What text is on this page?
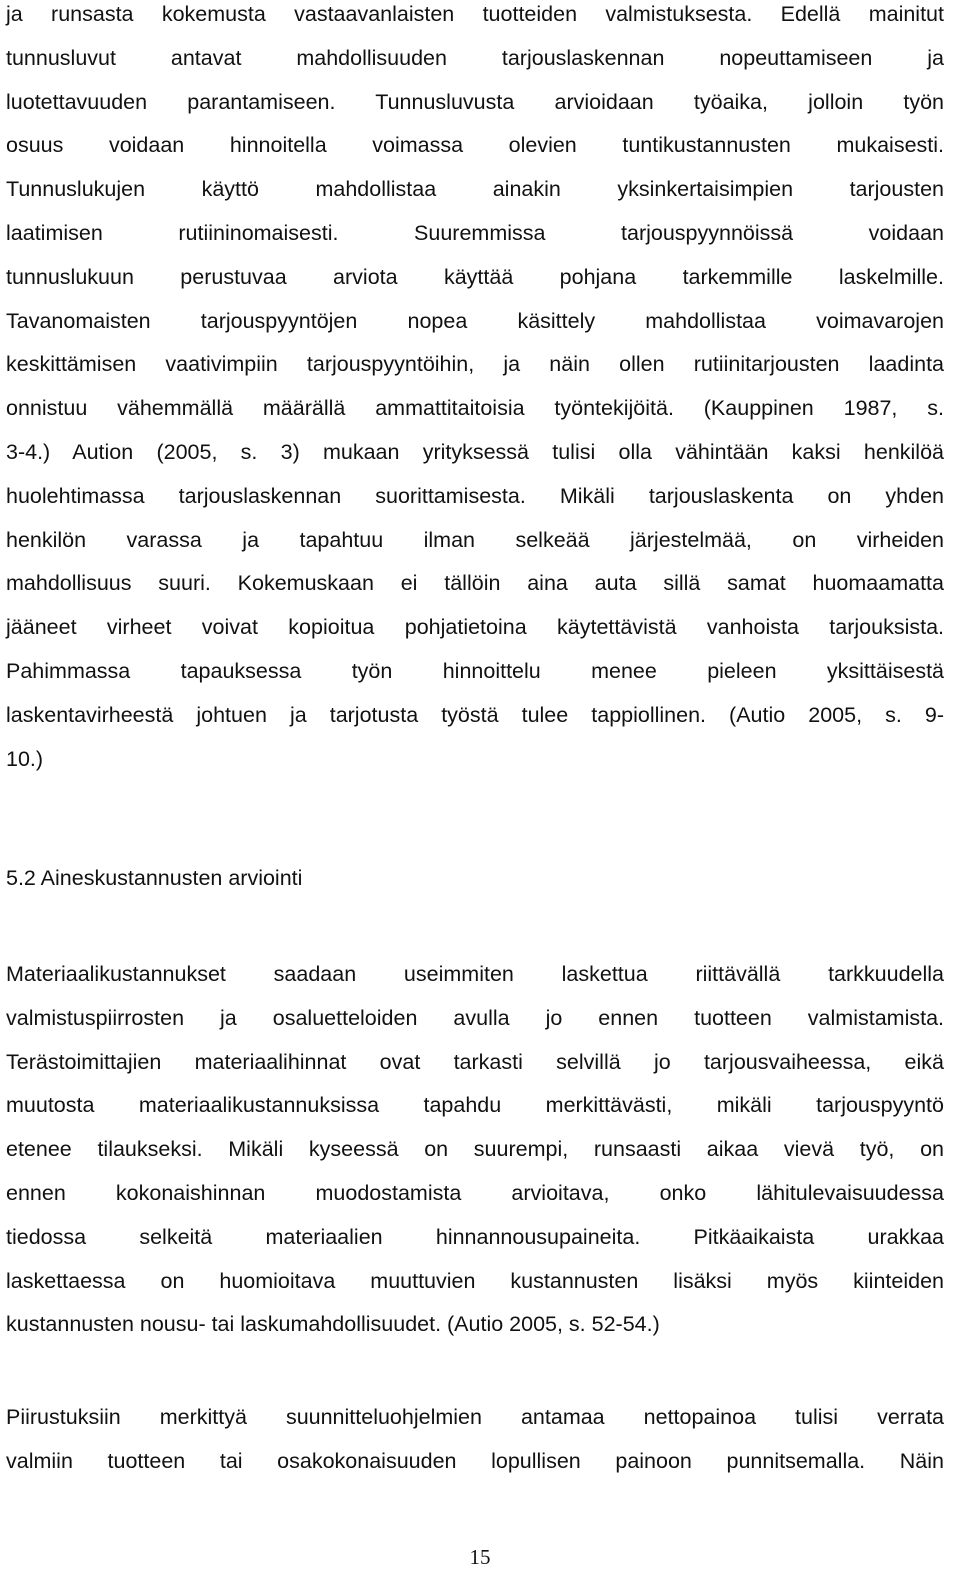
ja runsasta kokemusta vastaavanlaisten tuotteiden valmistuksesta. Edellä mainitut
tunnusluvut antavat mahdollisuuden tarjouslaskennan nopeuttamiseen ja
luotettavuuden parantamiseen. Tunnusluvusta arvioidaan työaika, jolloin työn
osuus voidaan hinnoitella voimassa olevien tuntikustannusten mukaisesti.
Tunnuslukujen käyttö mahdollistaa ainakin yksinkertaisimpien tarjousten
laatimisen rutiininomaisesti. Suuremmissa tarjouspyynnöissä voidaan
tunnuslukuun perustuvaa arviota käyttää pohjana tarkemmille laskelmille.
Tavanomaisten tarjouspyyntöjen nopea käsittely mahdollistaa voimavarojen
keskittämisen vaativimpiin tarjouspyyntöihin, ja näin ollen rutiinitarjousten laadinta
onnistuu vähemmällä määrällä ammattitaitoisia työntekijöitä. (Kauppinen 1987, s.
3-4.) Aution (2005, s. 3) mukaan yrityksessä tulisi olla vähintään kaksi henkilöä
huolehtimassa tarjouslaskennan suorittamisesta. Mikäli tarjouslaskenta on yhden
henkilön varassa ja tapahtuu ilman selkeää järjestelmää, on virheiden
mahdollisuus suuri. Kokemuskaan ei tällöin aina auta sillä samat huomaamatta
jääneet virheet voivat kopioitua pohjatietoina käytettävistä vanhoista tarjouksista.
Pahimmassa tapauksessa työn hinnoittelu menee pieleen yksittäisestä
laskentavirheestä johtuen ja tarjotusta työstä tulee tappiollinen. (Autio 2005, s. 9-
10.)
5.2 Aineskustannusten arviointi
Materiaalikustannukset saadaan useimmiten laskettua riittävällä tarkkuudella
valmistuspiirrosten ja osaluetteloiden avulla jo ennen tuotteen valmistamista.
Terästoimittajien materiaalihinnat ovat tarkasti selvillä jo tarjousvaiheessa, eikä
muutosta materiaalikustannuksissa tapahdu merkittävästi, mikäli tarjouspyyntö
etenee tilaukseksi. Mikäli kyseessä on suurempi, runsaasti aikaa vievä työ, on
ennen kokonaishinnan muodostamista arvioitava, onko lähitulevaisuudessa
tiedossa selkeitä materiaalien hinnannousupaineita. Pitkäaikaista urakkaa
laskettaessa on huomioitava muuttuvien kustannusten lisäksi myös kiinteiden
kustannusten nousu- tai laskumahdollisuudet. (Autio 2005, s. 52-54.)
Piirustuksiin merkittyä suunnitteluohjelmien antamaa nettopainoa tulisi verrata
valmiin tuotteen tai osakokonaisuuden lopullisen painoon punnitsemalla. Näin
15
